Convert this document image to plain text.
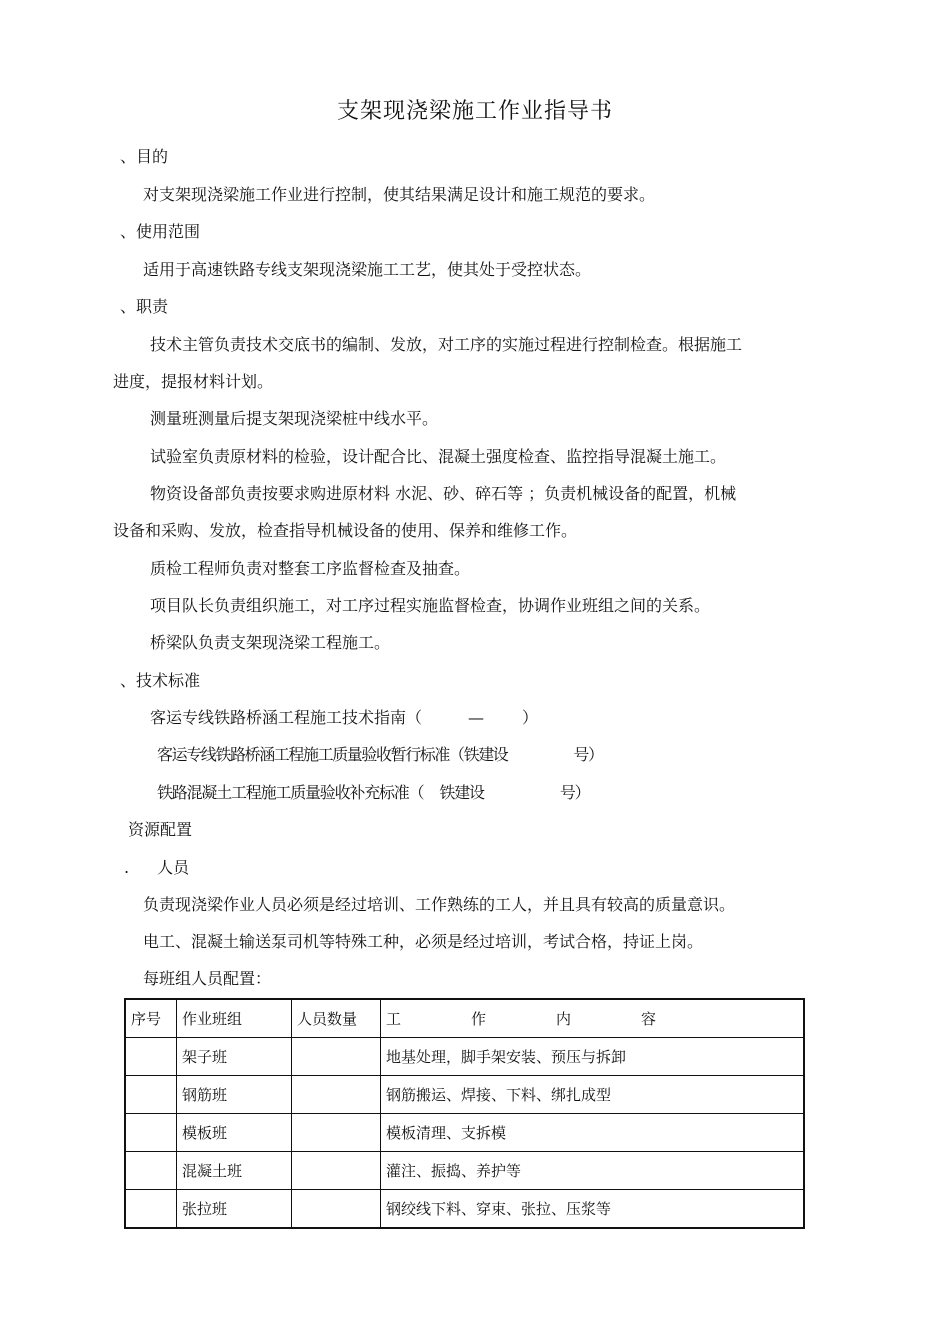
支架现浇梁施工作业指导书
、目的
对支架现浇梁施工作业进行控制，使其结果满足设计和施工规范的要求。
、使用范围
适用于高速铁路专线支架现浇梁施工工艺，使其处于受控状态。
、职责
技术主管负责技术交底书的编制、发放，对工序的实施过程进行控制检查。根据施工
进度，提报材料计划。
测量班测量后提支架现浇梁桩中线水平。
试验室负责原材料的检验，设计配合比、混凝土强度检查、监控指导混凝土施工。
物资设备部负责按要求购进原材料 水泥、砂、碎石等 ；负责机械设备的配置，机械
设备和采购、发放，检查指导机械设备的使用、保养和维修工作。
质检工程师负责对整套工序监督检查及抽查。
项目队长负责组织施工，对工序过程实施监督检查，协调作业班组之间的关系。
桥梁队负责支架现浇梁工程施工。
、技术标准
客运专线铁路桥涵工程施工技术指南（	— ）
客运专线铁路桥涵工程施工质量验收暂行标准（铁建设	号）
铁路混凝土工程施工质量验收补充标准（ 铁建设	号）
资源配置
. 人员
负责现浇梁作业人员必须是经过培训、工作熟练的工人，并且具有较高的质量意识。
电工、混凝土输送泵司机等特殊工种，必须是经过培训，考试合格，持证上岗。
每班组人员配置：
序号	作业班组	人员数量	工 作 内 容

	架子班		地基处理，脚手架安装、预压与拆卸
	钢筋班		钢筋搬运、焊接、下料、绑扎成型
	模板班		模板清理、支拆模
	混凝土班		灌注、振捣、养护等
	张拉班		钢绞线下料、穿束、张拉、压浆等
